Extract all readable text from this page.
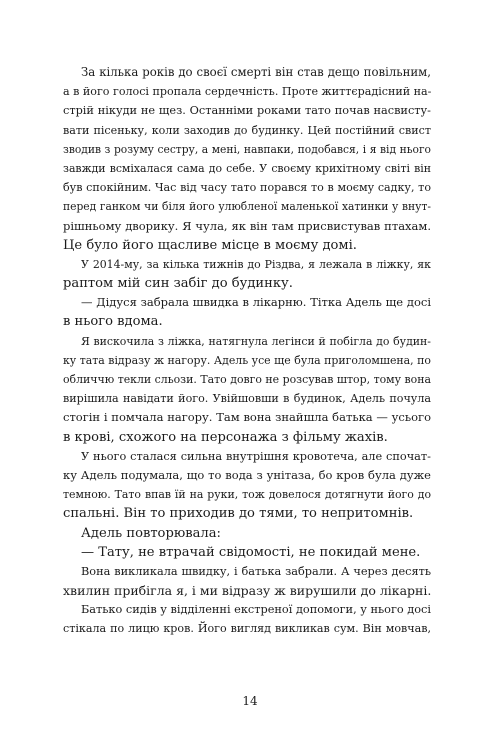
За кілька років до своєї смерті він став дещо повільним,
а в його голосі пропала сердечність. Проте життєрадісний на-
стрій нікуди не щез. Останніми роками тато почав насвисту-
вати пісеньку, коли заходив до будинку. Цей постійний свист
зводив з розуму сестру, а мені, навпаки, подобався, і я від нього
завжди всміхалася сама до себе. У своєму крихітному світі він
був спокійним. Час від часу тато порався то в моєму садку, то
перед ганком чи біля його улюбленої маленької хатинки у внут-
рішньому дворику. Я чула, як він там присвистував птахам.
Це було його щасливе місце в моєму домі.
У 2014-му, за кілька тижнів до Різдва, я лежала в ліжку, як
раптом мій син забіг до будинку.
— Дідуся забрала швидка в лікарню. Тітка Адель ще досі
в нього вдома.
Я вискочила з ліжка, натягнула легінси й побігла до будин-
ку тата відразу ж нагору. Адель усе ще була приголомшена, по
обличчю текли сльози. Тато довго не розсував штор, тому вона
вирішила навідати його. Увійшовши в будинок, Адель почула
стогін і помчала нагору. Там вона знайшла батька — усього
в крові, схожого на персонажа з фільму жахів.
У нього сталася сильна внутрішня кровотеча, але спочат-
ку Адель подумала, що то вода з унітаза, бо кров була дуже
темною. Тато впав їй на руки, тож довелося дотягнути його до
спальні. Він то приходив до тями, то непритомнів.
Адель повторювала:
— Тату, не втрачай свідомості, не покидай мене.
Вона викликала швидку, і батька забрали. А через десять
хвилин прибігла я, і ми відразу ж вирушили до лікарні.
Батько сидів у відділенні екстреної допомоги, у нього досі
стікала по лицю кров. Його вигляд викликав сум. Він мовчав,
14
